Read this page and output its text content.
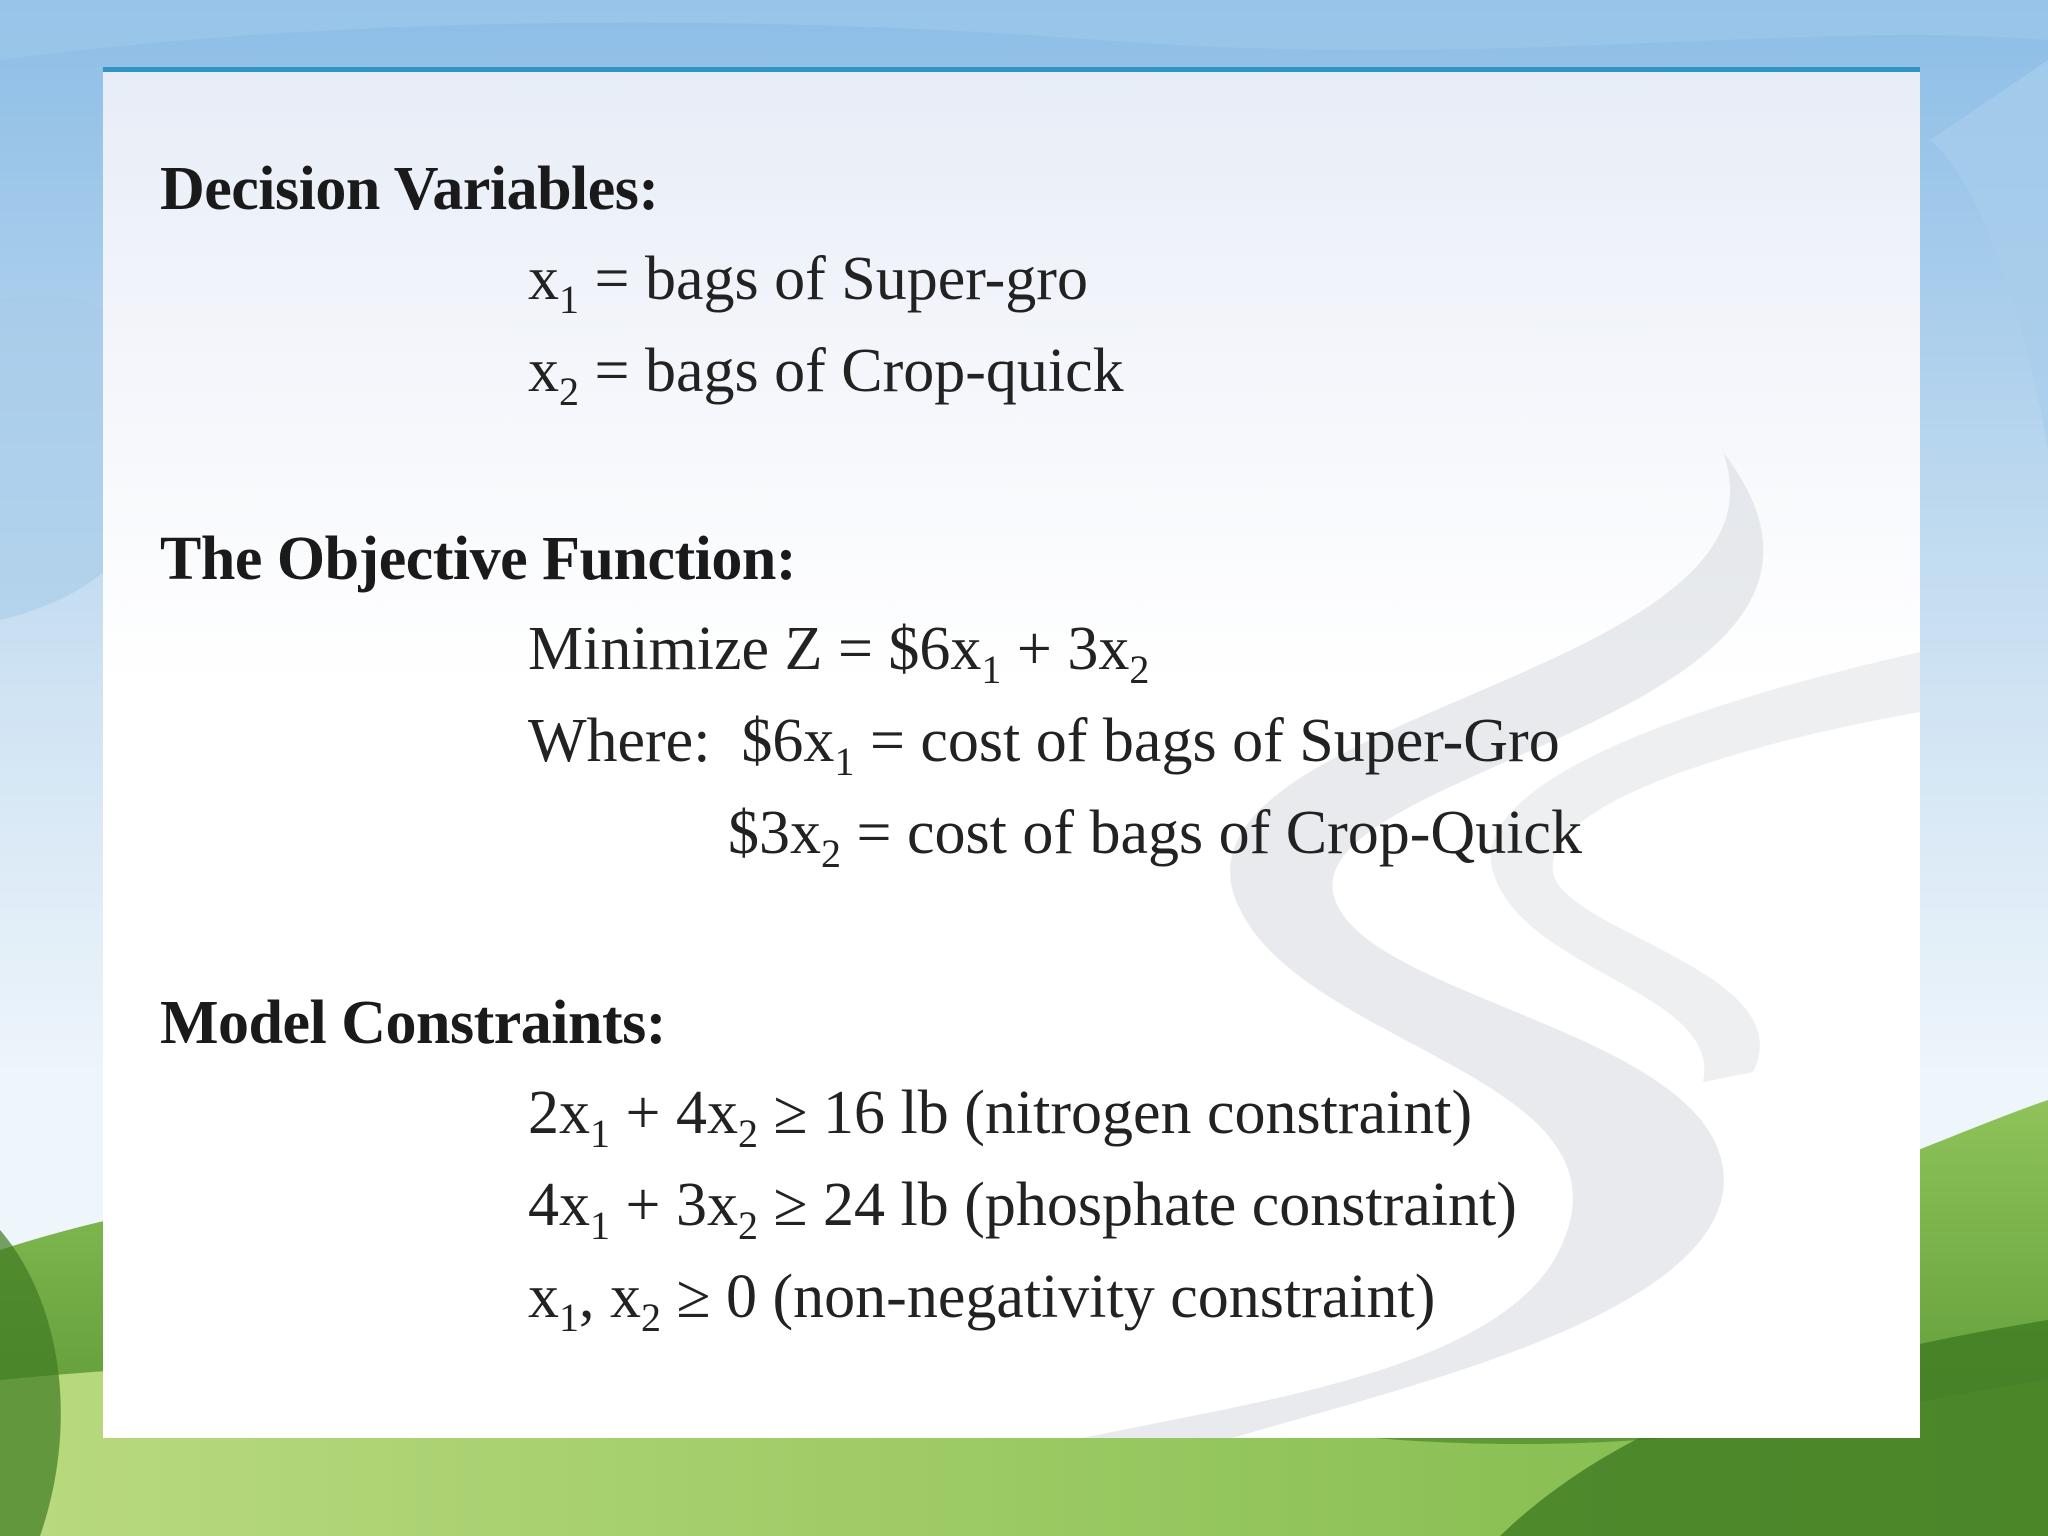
Decision Variables:

$x_1$ = bags of Super-gro

$x_2$ = bags of Crop-quick

The Objective Function:

Minimize $Z = \$6x_1 + 3x_2$

Where:  $\$6x_1 = \cos t$ of bags of Super-Gro

$\$3x_2 = \cos t$ of bags of Crop-Quick

Model Constraints:

$2x_1 + 4x_2 \ge 16$ lb (nitrogen constraint)

$4x_1 + 3x_2 \ge 24$ lb (phosphate constraint)

$x_1$, $x_2 \ge 0$ (non-negativity constraint)
